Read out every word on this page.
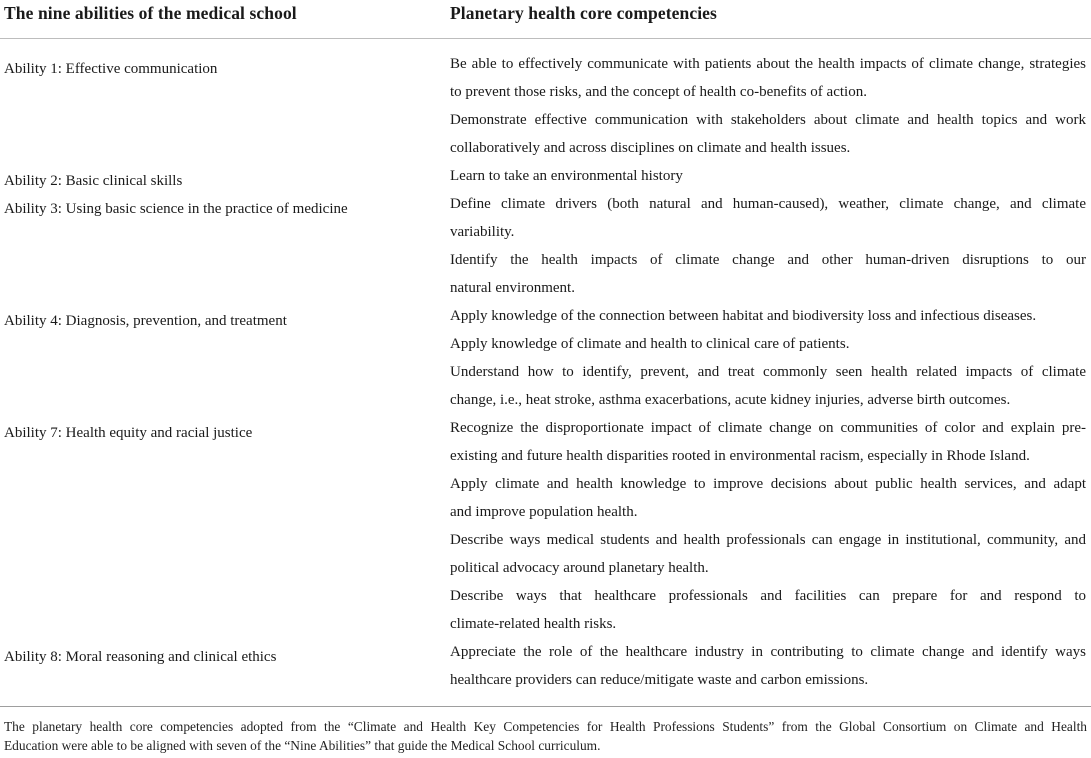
The nine abilities of the medical school	Planetary health core competencies
Ability 1: Effective communication	Be able to effectively communicate with patients about the health impacts of climate change, strategies
to prevent those risks, and the concept of health co-benefits of action.
Demonstrate effective communication with stakeholders about climate and health topics and work
collaboratively and across disciplines on climate and health issues.
Ability 2: Basic clinical skills	Learn to take an environmental history
Ability 3: Using basic science in the practice of medicine	Define climate drivers (both natural and human-caused), weather, climate change, and climate
variability.
Identify the health impacts of climate change and other human-driven disruptions to our
natural environment.
Ability 4: Diagnosis, prevention, and treatment	Apply knowledge of the connection between habitat and biodiversity loss and infectious diseases.
Apply knowledge of climate and health to clinical care of patients.
Understand how to identify, prevent, and treat commonly seen health related impacts of climate
change, i.e., heat stroke, asthma exacerbations, acute kidney injuries, adverse birth outcomes.
Ability 7: Health equity and racial justice	Recognize the disproportionate impact of climate change on communities of color and explain pre-
existing and future health disparities rooted in environmental racism, especially in Rhode Island.
Apply climate and health knowledge to improve decisions about public health services, and adapt
and improve population health.
Describe ways medical students and health professionals can engage in institutional, community, and
political advocacy around planetary health.
Describe ways that healthcare professionals and facilities can prepare for and respond to
climate-related health risks.
Ability 8: Moral reasoning and clinical ethics	Appreciate the role of the healthcare industry in contributing to climate change and identify ways
healthcare providers can reduce/mitigate waste and carbon emissions.
The planetary health core competencies adopted from the “Climate and Health Key Competencies for Health Professions Students” from the Global Consortium on Climate and Health
Education were able to be aligned with seven of the “Nine Abilities” that guide the Medical School curriculum.
